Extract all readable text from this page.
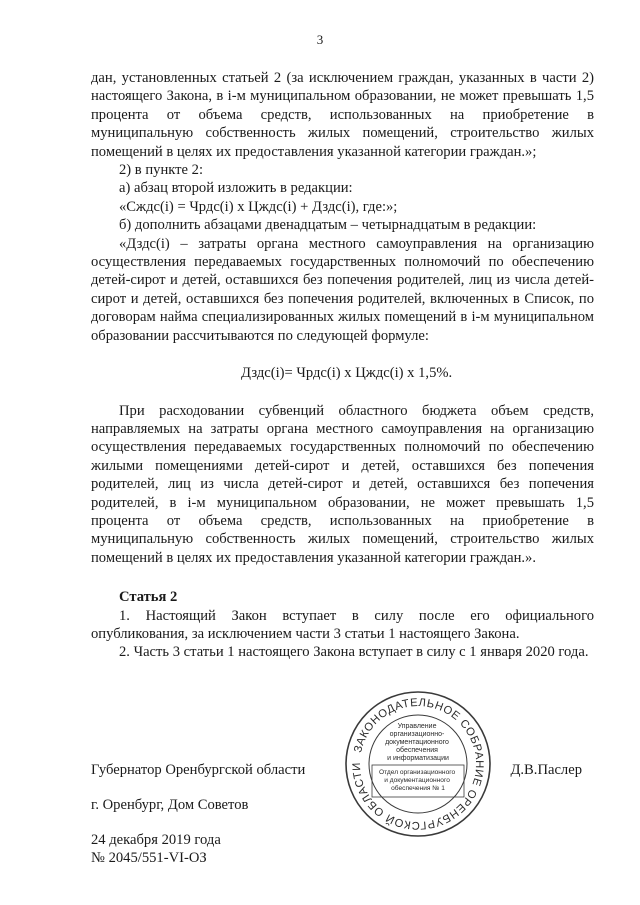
3

дан, установленных статьей 2 (за исключением граждан, указанных в части 2) настоящего Закона, в i-м муниципальном образовании, не может превышать 1,5 процента от объема средств, использованных на приобретение в муниципальную собственность жилых помещений, строительство жилых помещений в целях их предоставления указанной категории граждан.»;

2) в пункте 2:

а) абзац второй изложить в редакции:

«Сждс(i) = Чрдс(i) х Цждс(i) + Дздс(i), где:»;

б) дополнить абзацами двенадцатым – четырнадцатым в редакции:

«Дздс(i) – затраты органа местного самоуправления на организацию осуществления передаваемых государственных полномочий по обеспечению детей-сирот и детей, оставшихся без попечения родителей, лиц из числа детей-сирот и детей, оставшихся без попечения родителей, включенных в Список, по договорам найма специализированных жилых помещений в i-м муниципальном образовании рассчитываются по следующей формуле:

Дздс(i)= Чрдс(i) х Цждс(i) х 1,5%.

При расходовании субвенций областного бюджета объем средств, направляемых на затраты органа местного самоуправления на организацию осуществления передаваемых государственных полномочий по обеспечению жилыми помещениями детей-сирот и детей, оставшихся без попечения родителей, лиц из числа детей-сирот и детей, оставшихся без попечения родителей, в i-м муниципальном образовании, не может превышать 1,5 процента от объема средств, использованных на приобретение в муниципальную собственность жилых помещений, строительство жилых помещений в целях их предоставления указанной категории граждан.».

Статья 2

1. Настоящий Закон вступает в силу после его официального опубликования, за исключением части 3 статьи 1 настоящего Закона.

2. Часть 3 статьи 1 настоящего Закона вступает в силу с 1 января 2020 года.

ЗАКОНОДАТЕЛЬНОЕ СОБРАНИЕ ОРЕНБУРГСКОЙ ОБЛАСТИ
Управление организационно- документационного обеспечения и информатизации
Отдел организационного и документационного обеспечения № 1
Губернатор Оренбургской области	Д.В.Паслер
г. Оренбург, Дом Советов
24 декабря 2019 года
№ 2045/551-VI-ОЗ
